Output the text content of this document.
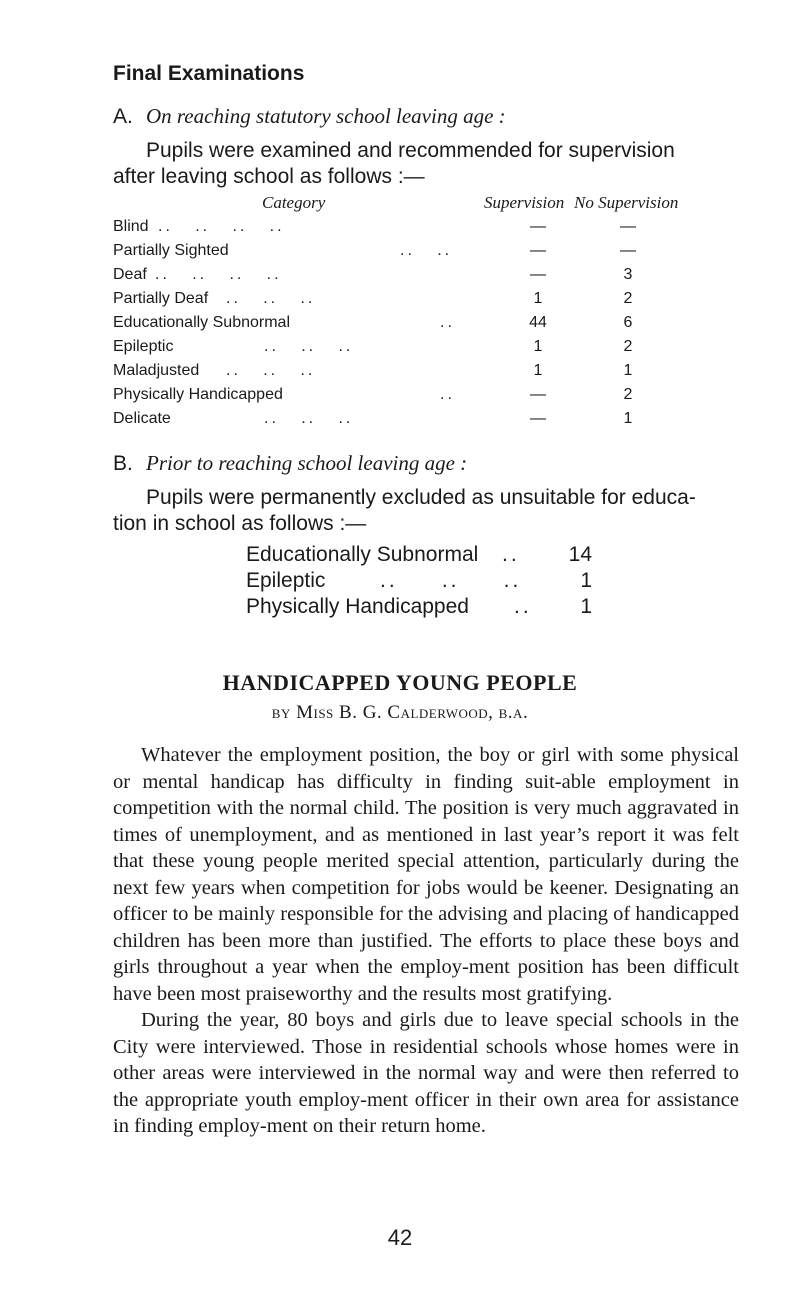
Final Examinations
A. On reaching statutory school leaving age :
Pupils were examined and recommended for supervision
after leaving school as follows :—
Category	Supervision No Supervision
Blind ..   ..   ..   ..	—	—
Partially Sighted	..   ..	—	—
Deaf ..   ..   ..   ..	—	3
Partially Deaf ..   ..   ..	1	2
Educationally Subnormal	..	44	6
Epileptic	..   ..   ..	1	2
Maladjusted ..   ..   ..	1	1
Physically Handicapped	..	—	2
Delicate	..   ..   ..	—	1
B. Prior to reaching school leaving age :
Pupils were permanently excluded as unsuitable for educa-
tion in school as follows :—
Educationally Subnormal ..	14
Epileptic	..     ..     ..	1
Physically Handicapped ..	1
HANDICAPPED YOUNG PEOPLE
by Miss B. G. Calderwood, b.a.

Whatever the employment position, the boy or girl with some physical or mental handicap has difficulty in finding suit-able employment in competition with the normal child. The position is very much aggravated in times of unemployment, and as mentioned in last year’s report it was felt that these young people merited special attention, particularly during the next few years when competition for jobs would be keener. Designating an officer to be mainly responsible for the advising and placing of handicapped children has been more than justified. The efforts to place these boys and girls throughout a year when the employ-ment position has been difficult have been most praiseworthy and the results most gratifying.

During the year, 80 boys and girls due to leave special schools in the City were interviewed. Those in residential schools whose homes were in other areas were interviewed in the normal way and were then referred to the appropriate youth employ-ment officer in their own area for assistance in finding employ-ment on their return home.

42
